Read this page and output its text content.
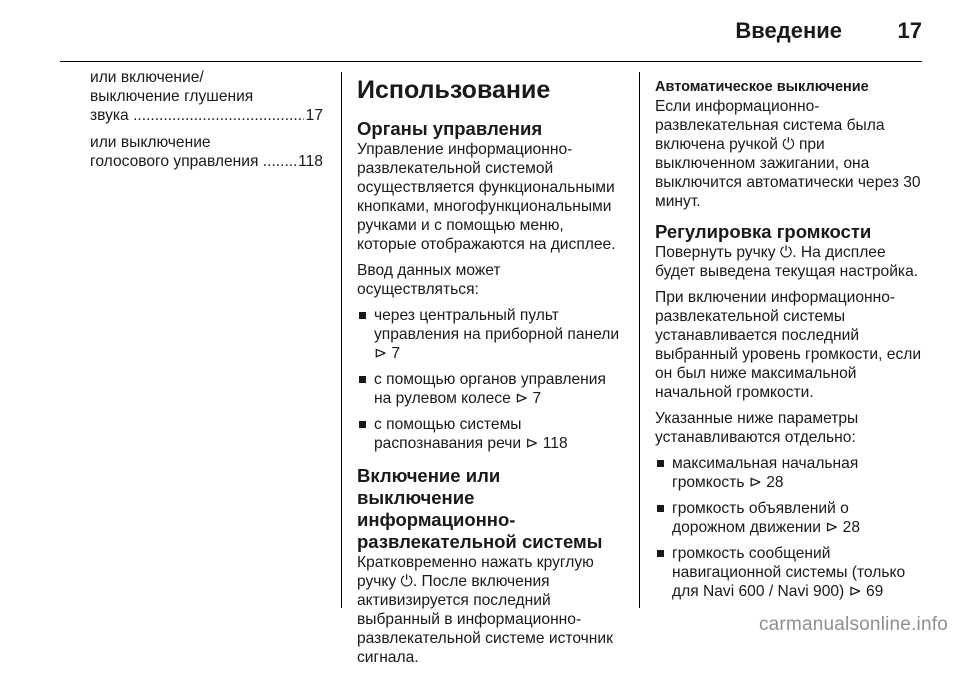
Введение	17
или включение/
выключение глушения
звука .....	17
или выключение
голосового управления .....	118
Использование
Органы управления

Управление информационно-развлекательной системой осуществляется функциональными кнопками, многофункциональными ручками и с помощью меню, которые отображаются на дисплее.

Ввод данных может осуществляться:

через центральный пульт управления на приборной панели ⊳ 7
с помощью органов управления на рулевом колесе ⊳ 7
с помощью системы распознавания речи ⊳ 118
Включение или выключение информационно-развлекательной системы

Кратковременно нажать круглую ручку ⏻. После включения активизируется последний выбранный в информационно-развлекательной системе источник сигнала.

Автоматическое выключение

Если информационно-развлекательная система была включена ручкой ⏻ при выключенном зажигании, она выключится автоматически через 30 минут.

Регулировка громкости

Повернуть ручку ⏻. На дисплее будет выведена текущая настройка.

При включении информационно-развлекательной системы устанавливается последний выбранный уровень громкости, если он был ниже максимальной начальной громкости.

Указанные ниже параметры устанавливаются отдельно:

максимальная начальная громкость ⊳ 28
громкость объявлений о дорожном движении ⊳ 28
громкость сообщений навигационной системы (только для Navi 600 / Navi 900) ⊳ 69
carmanualsonline.info
